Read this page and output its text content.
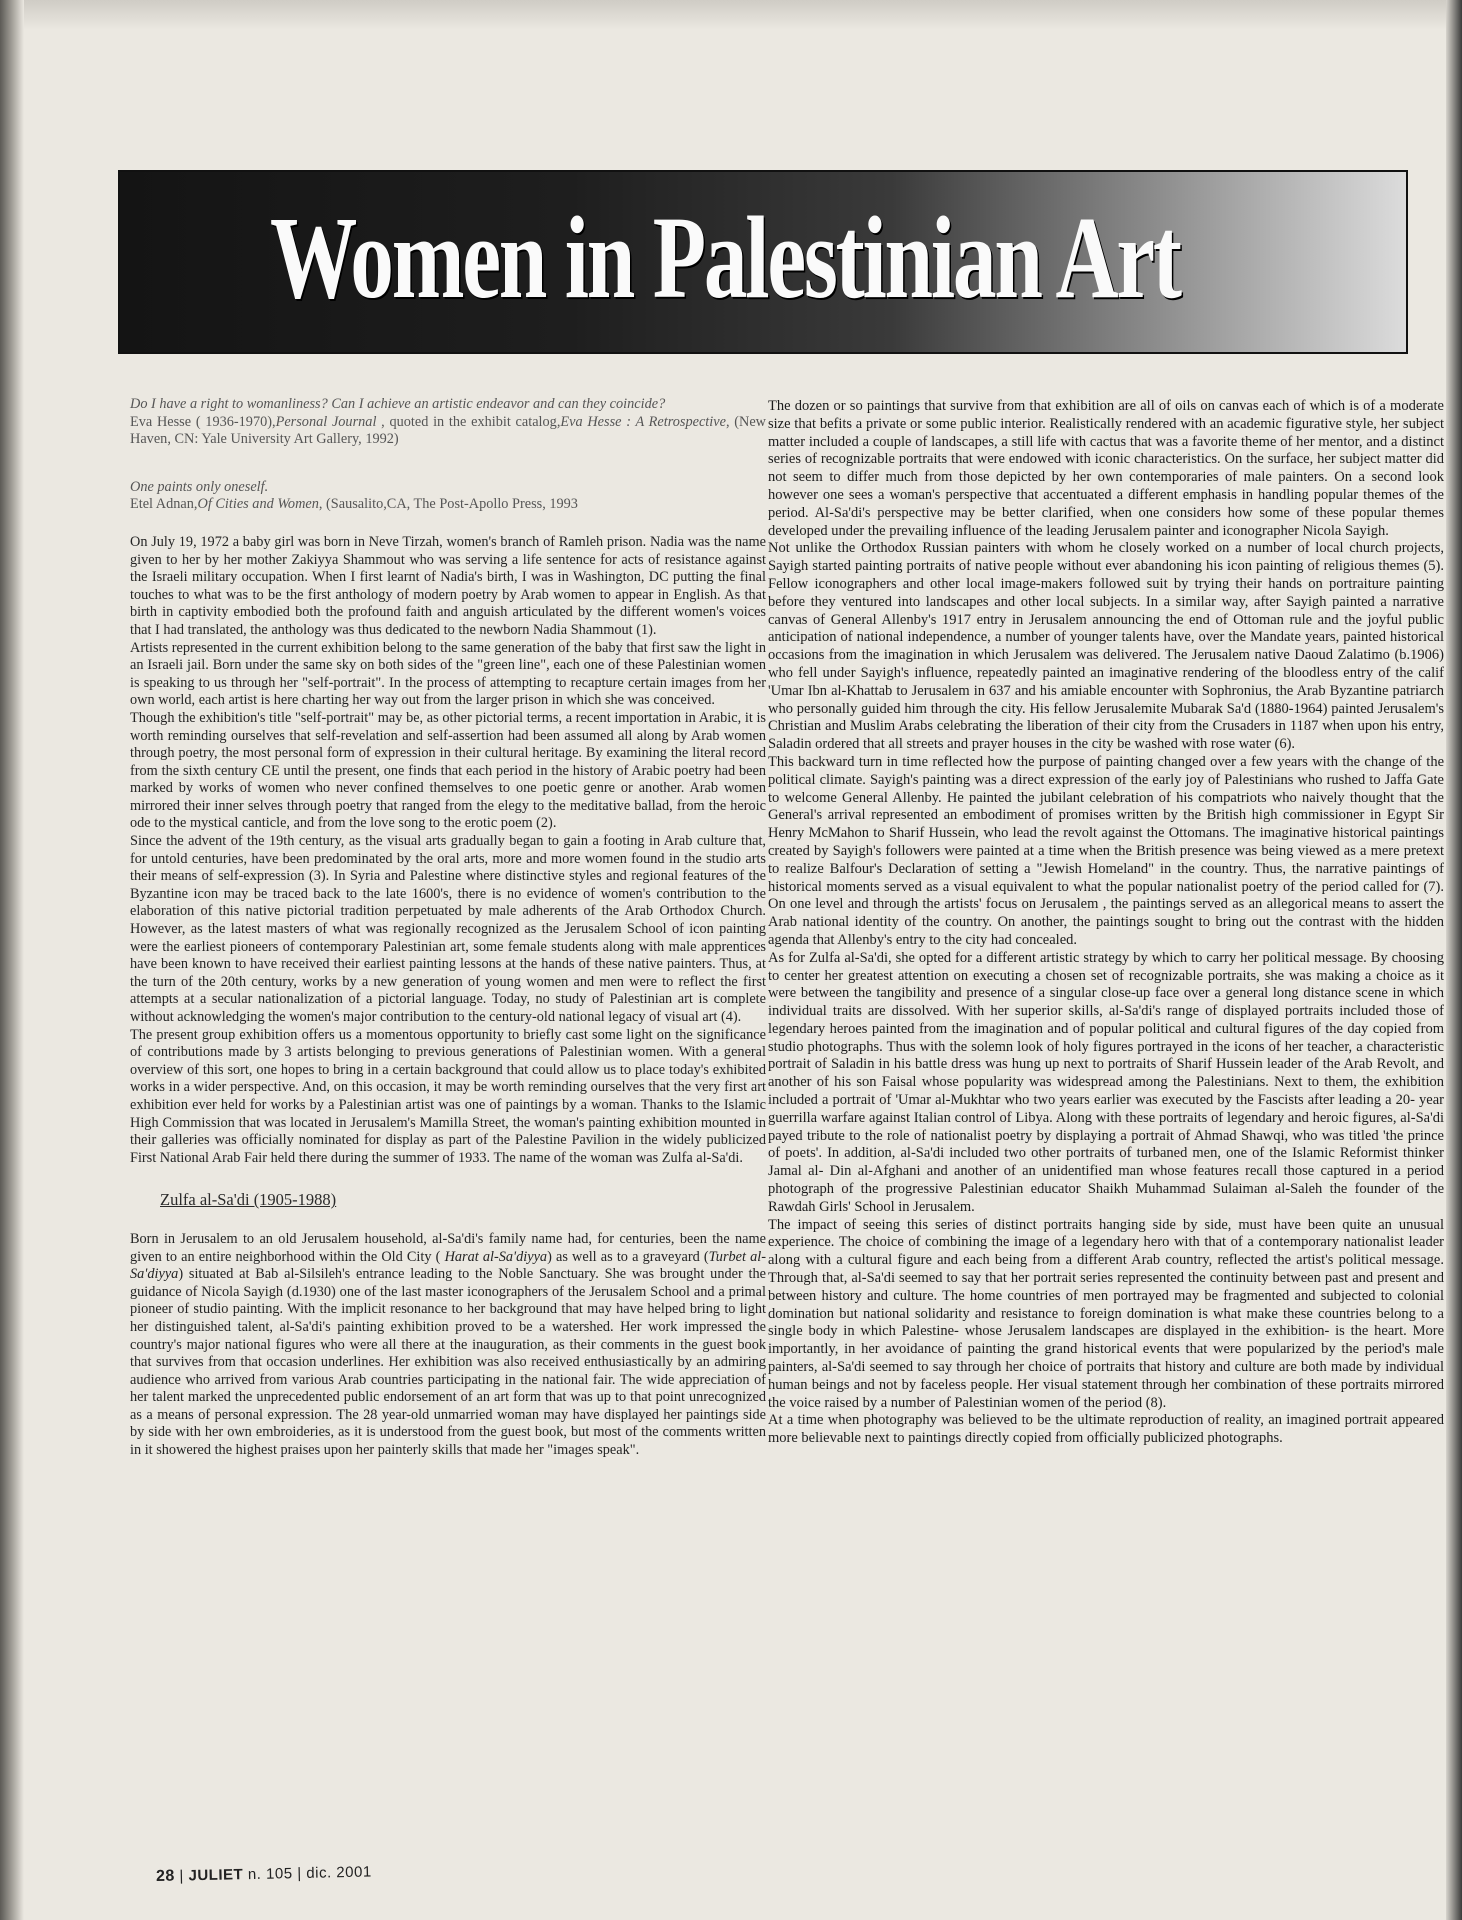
Women in Palestinian Art

Do I have a right to womanliness? Can I achieve an artistic endeavor and can they coincide?
Eva Hesse ( 1936-1970),Personal Journal , quoted in the exhibit catalog,Eva Hesse : A Retrospective, (New Haven, CN: Yale University Art Gallery, 1992)

One paints only oneself.
Etel Adnan,Of Cities and Women, (Sausalito,CA, The Post-Apollo Press, 1993

On July 19, 1972 a baby girl was born in Neve Tirzah, women's branch of Ramleh prison. Nadia was the name given to her by her mother Zakiyya Shammout who was serving a life sentence for acts of resistance against the Israeli military occupation. When I first learnt of Nadia's birth, I was in Washington, DC putting the final touches to what was to be the first anthology of modern poetry by Arab women to appear in English. As that birth in captivity embodied both the profound faith and anguish articulated by the different women's voices that I had translated, the anthology was thus dedicated to the newborn Nadia Shammout (1).

Artists represented in the current exhibition belong to the same generation of the baby that first saw the light in an Israeli jail. Born under the same sky on both sides of the "green line", each one of these Palestinian women is speaking to us through her "self-portrait". In the process of attempting to recapture certain images from her own world, each artist is here charting her way out from the larger prison in which she was conceived.

Though the exhibition's title "self-portrait" may be, as other pictorial terms, a recent importation in Arabic, it is worth reminding ourselves that self-revelation and self-assertion had been assumed all along by Arab women through poetry, the most personal form of expression in their cultural heritage. By examining the literal record from the sixth century CE until the present, one finds that each period in the history of Arabic poetry had been marked by works of women who never confined themselves to one poetic genre or another. Arab women mirrored their inner selves through poetry that ranged from the elegy to the meditative ballad, from the heroic ode to the mystical canticle, and from the love song to the erotic poem (2).

Since the advent of the 19th century, as the visual arts gradually began to gain a footing in Arab culture that, for untold centuries, have been predominated by the oral arts, more and more women found in the studio arts their means of self-expression (3). In Syria and Palestine where distinctive styles and regional features of the Byzantine icon may be traced back to the late 1600's, there is no evidence of women's contribution to the elaboration of this native pictorial tradition perpetuated by male adherents of the Arab Orthodox Church. However, as the latest masters of what was regionally recognized as the Jerusalem School of icon painting were the earliest pioneers of contemporary Palestinian art, some female students along with male apprentices have been known to have received their earliest painting lessons at the hands of these native painters. Thus, at the turn of the 20th century, works by a new generation of young women and men were to reflect the first attempts at a secular nationalization of a pictorial language. Today, no study of Palestinian art is complete without acknowledging the women's major contribution to the century-old national legacy of visual art (4).

The present group exhibition offers us a momentous opportunity to briefly cast some light on the significance of contributions made by 3 artists belonging to previous generations of Palestinian women. With a general overview of this sort, one hopes to bring in a certain background that could allow us to place today's exhibited works in a wider perspective. And, on this occasion, it may be worth reminding ourselves that the very first art exhibition ever held for works by a Palestinian artist was one of paintings by a woman. Thanks to the Islamic High Commission that was located in Jerusalem's Mamilla Street, the woman's painting exhibition mounted in their galleries was officially nominated for display as part of the Palestine Pavilion in the widely publicized First National Arab Fair held there during the summer of 1933. The name of the woman was Zulfa al-Sa'di.

Zulfa al-Sa'di (1905-1988)

Born in Jerusalem to an old Jerusalem household, al-Sa'di's family name had, for centuries, been the name given to an entire neighborhood within the Old City ( Harat al-Sa'diyya) as well as to a graveyard (Turbet al-Sa'diyya) situated at Bab al-Silsileh's entrance leading to the Noble Sanctuary. She was brought under the guidance of Nicola Sayigh (d.1930) one of the last master iconographers of the Jerusalem School and a primal pioneer of studio painting. With the implicit resonance to her background that may have helped bring to light her distinguished talent, al-Sa'di's painting exhibition proved to be a watershed. Her work impressed the country's major national figures who were all there at the inauguration, as their comments in the guest book that survives from that occasion underlines. Her exhibition was also received enthusiastically by an admiring audience who arrived from various Arab countries participating in the national fair. The wide appreciation of her talent marked the unprecedented public endorsement of an art form that was up to that point unrecognized as a means of personal expression. The 28 year-old unmarried woman may have displayed her paintings side by side with her own embroideries, as it is understood from the guest book, but most of the comments written in it showered the highest praises upon her painterly skills that made her "images speak".

The dozen or so paintings that survive from that exhibition are all of oils on canvas each of which is of a moderate size that befits a private or some public interior. Realistically rendered with an academic figurative style, her subject matter included a couple of landscapes, a still life with cactus that was a favorite theme of her mentor, and a distinct series of recognizable portraits that were endowed with iconic characteristics. On the surface, her subject matter did not seem to differ much from those depicted by her own contemporaries of male painters. On a second look however one sees a woman's perspective that accentuated a different emphasis in handling popular themes of the period. Al-Sa'di's perspective may be better clarified, when one considers how some of these popular themes developed under the prevailing influence of the leading Jerusalem painter and iconographer Nicola Sayigh.

Not unlike the Orthodox Russian painters with whom he closely worked on a number of local church projects, Sayigh started painting portraits of native people without ever abandoning his icon painting of religious themes (5). Fellow iconographers and other local image-makers followed suit by trying their hands on portraiture painting before they ventured into landscapes and other local subjects. In a similar way, after Sayigh painted a narrative canvas of General Allenby's 1917 entry in Jerusalem announcing the end of Ottoman rule and the joyful public anticipation of national independence, a number of younger talents have, over the Mandate years, painted historical occasions from the imagination in which Jerusalem was delivered. The Jerusalem native Daoud Zalatimo (b.1906) who fell under Sayigh's influence, repeatedly painted an imaginative rendering of the bloodless entry of the calif 'Umar Ibn al-Khattab to Jerusalem in 637 and his amiable encounter with Sophronius, the Arab Byzantine patriarch who personally guided him through the city. His fellow Jerusalemite Mubarak Sa'd (1880-1964) painted Jerusalem's Christian and Muslim Arabs celebrating the liberation of their city from the Crusaders in 1187 when upon his entry, Saladin ordered that all streets and prayer houses in the city be washed with rose water (6).

This backward turn in time reflected how the purpose of painting changed over a few years with the change of the political climate. Sayigh's painting was a direct expression of the early joy of Palestinians who rushed to Jaffa Gate to welcome General Allenby. He painted the jubilant celebration of his compatriots who naively thought that the General's arrival represented an embodiment of promises written by the British high commissioner in Egypt Sir Henry McMahon to Sharif Hussein, who lead the revolt against the Ottomans. The imaginative historical paintings created by Sayigh's followers were painted at a time when the British presence was being viewed as a mere pretext to realize Balfour's Declaration of setting a "Jewish Homeland" in the country. Thus, the narrative paintings of historical moments served as a visual equivalent to what the popular nationalist poetry of the period called for (7). On one level and through the artists' focus on Jerusalem , the paintings served as an allegorical means to assert the Arab national identity of the country. On another, the paintings sought to bring out the contrast with the hidden agenda that Allenby's entry to the city had concealed.

As for Zulfa al-Sa'di, she opted for a different artistic strategy by which to carry her political message. By choosing to center her greatest attention on executing a chosen set of recognizable portraits, she was making a choice as it were between the tangibility and presence of a singular close-up face over a general long distance scene in which individual traits are dissolved. With her superior skills, al-Sa'di's range of displayed portraits included those of legendary heroes painted from the imagination and of popular political and cultural figures of the day copied from studio photographs. Thus with the solemn look of holy figures portrayed in the icons of her teacher, a characteristic portrait of Saladin in his battle dress was hung up next to portraits of Sharif Hussein leader of the Arab Revolt, and another of his son Faisal whose popularity was widespread among the Palestinians. Next to them, the exhibition included a portrait of 'Umar al-Mukhtar who two years earlier was executed by the Fascists after leading a 20- year guerrilla warfare against Italian control of Libya. Along with these portraits of legendary and heroic figures, al-Sa'di payed tribute to the role of nationalist poetry by displaying a portrait of Ahmad Shawqi, who was titled 'the prince of poets'. In addition, al-Sa'di included two other portraits of turbaned men, one of the Islamic Reformist thinker Jamal al- Din al-Afghani and another of an unidentified man whose features recall those captured in a period photograph of the progressive Palestinian educator Shaikh Muhammad Sulaiman al-Saleh the founder of the Rawdah Girls' School in Jerusalem.

The impact of seeing this series of distinct portraits hanging side by side, must have been quite an unusual experience. The choice of combining the image of a legendary hero with that of a contemporary nationalist leader along with a cultural figure and each being from a different Arab country, reflected the artist's political message. Through that, al-Sa'di seemed to say that her portrait series represented the continuity between past and present and between history and culture. The home countries of men portrayed may be fragmented and subjected to colonial domination but national solidarity and resistance to foreign domination is what make these countries belong to a single body in which Palestine- whose Jerusalem landscapes are displayed in the exhibition- is the heart. More importantly, in her avoidance of painting the grand historical events that were popularized by the period's male painters, al-Sa'di seemed to say through her choice of portraits that history and culture are both made by individual human beings and not by faceless people. Her visual statement through her combination of these portraits mirrored the voice raised by a number of Palestinian women of the period (8).

At a time when photography was believed to be the ultimate reproduction of reality, an imagined portrait appeared more believable next to paintings directly copied from officially publicized photographs.

28 | JULIET n. 105 | dic. 2001
